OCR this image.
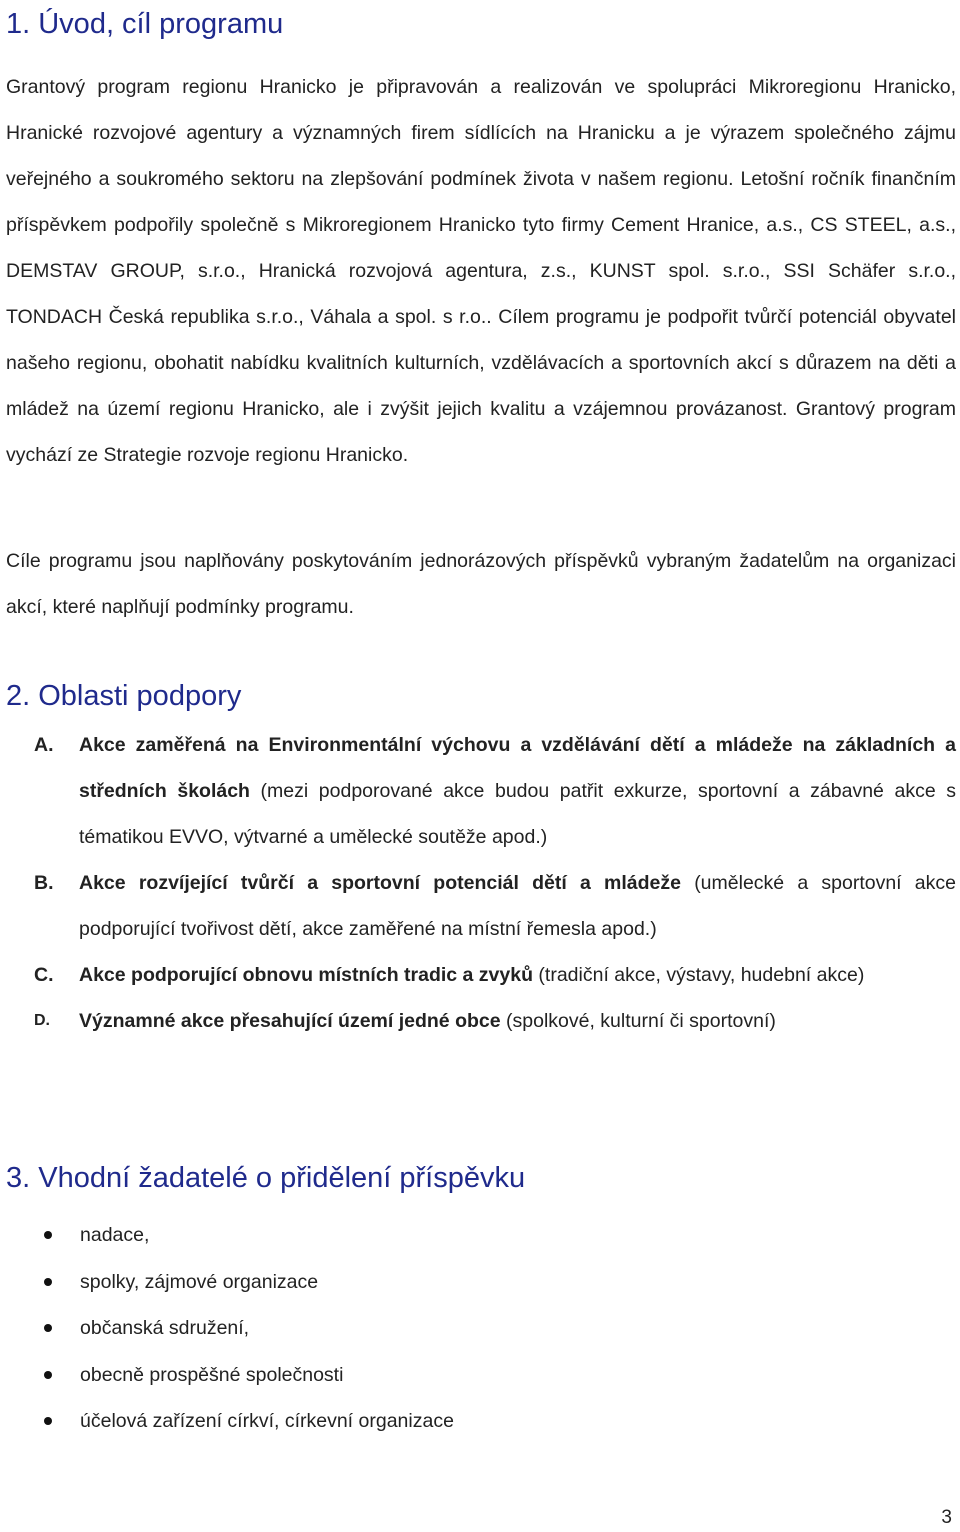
1. Úvod, cíl programu

Grantový program regionu Hranicko je připravován a realizován ve spolupráci Mikroregionu Hranicko, Hranické rozvojové agentury a významných firem sídlících na Hranicku a je výrazem společného zájmu veřejného a soukromého sektoru na zlepšování podmínek života v našem regionu. Letošní ročník finančním příspěvkem podpořily společně s Mikroregionem Hranicko tyto firmy Cement Hranice, a.s., CS STEEL, a.s., DEMSTAV GROUP, s.r.o., Hranická rozvojová agentura, z.s., KUNST spol. s.r.o., SSI Schäfer s.r.o., TONDACH Česká republika s.r.o., Váhala a spol. s r.o.. Cílem programu je podpořit tvůrčí potenciál obyvatel našeho regionu, obohatit nabídku kvalitních kulturních, vzdělávacích a sportovních akcí s důrazem na děti a mládež na území regionu Hranicko, ale i zvýšit jejich kvalitu a vzájemnou provázanost. Grantový program vychází ze Strategie rozvoje regionu Hranicko.

Cíle programu jsou naplňovány poskytováním jednorázových příspěvků vybraným žadatelům na organizaci akcí, které naplňují podmínky programu.

2. Oblasti podpory
A.	Akce zaměřená na Environmentální výchovu a vzdělávání dětí a mládeže na základních a středních školách (mezi podporované akce budou patřit exkurze, sportovní a zábavné akce s tématikou EVVO, výtvarné a umělecké soutěže apod.)
B.	Akce rozvíjející tvůrčí a sportovní potenciál dětí a mládeže (umělecké a sportovní akce podporující tvořivost dětí, akce zaměřené na místní řemesla apod.)
C.	Akce podporující obnovu místních tradic a zvyků (tradiční akce, výstavy, hudební akce)
D.	Významné akce přesahující území jedné obce (spolkové, kulturní či sportovní)
3. Vhodní žadatelé o přidělení příspěvku
nadace,
spolky, zájmové organizace
občanská sdružení,
obecně prospěšné společnosti
účelová zařízení církví, církevní organizace
3
